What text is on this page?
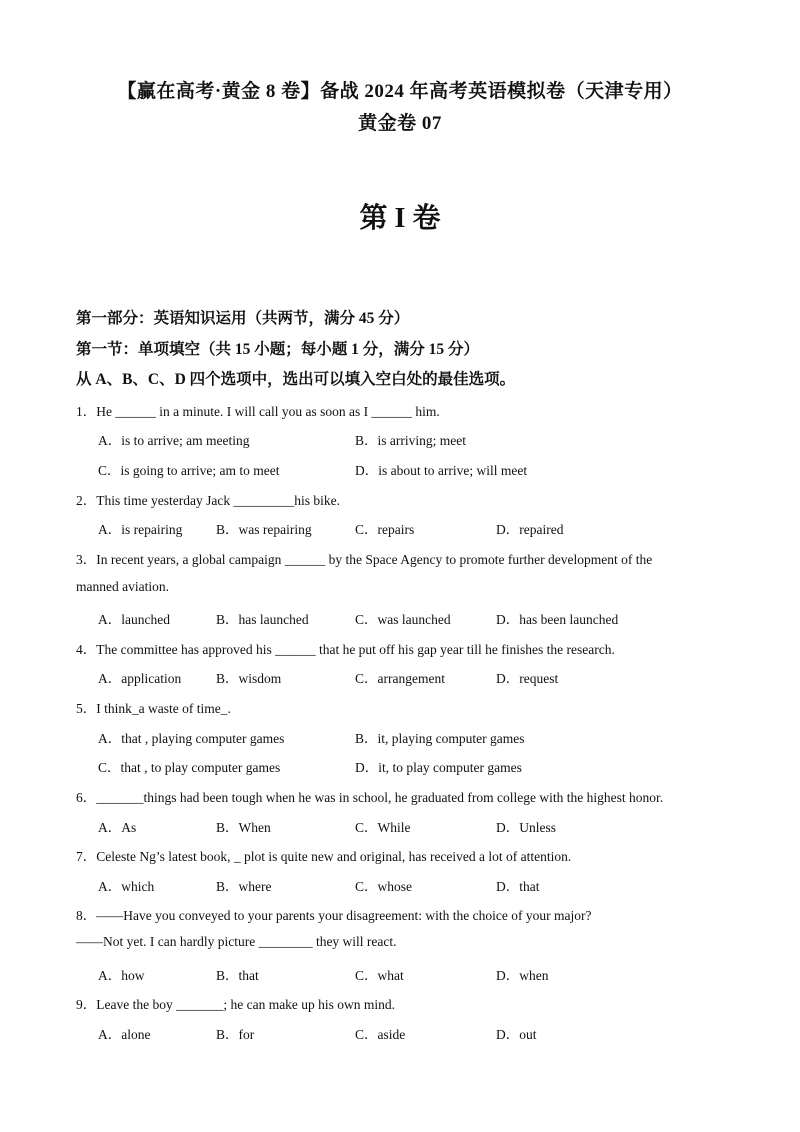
【赢在高考·黄金 8 卷】备战 2024 年高考英语模拟卷（天津专用）
黄金卷 07
第 I 卷
第一部分：英语知识运用（共两节，满分 45 分）
第一节：单项填空（共 15 小题；每小题 1 分，满分 15 分）
从 A、B、C、D 四个选项中，选出可以填入空白处的最佳选项。
1．He ______ in a minute. I will call you as soon as I ______ him.
A．is to arrive; am meeting	B．is arriving; meet
C．is going to arrive; am to meet	D．is about to arrive; will meet
2．This time yesterday Jack _________his bike.
A．is repairing B．was repairing	C．repairs	D．repaired
3．In recent years, a global campaign ______ by the Space Agency to promote further development of the
manned aviation.
A．launched	B．has launched	C．was launched	D．has been launched
4．The committee has approved his ______ that he put off his gap year till he finishes the research.
A．application	B．wisdom	C．arrangement	D．request
5．I think_a waste of time_.
A．that , playing computer games	B．it, playing computer games
C．that , to play computer games	D．it, to play computer games
6．_______things had been tough when he was in school, he graduated from college with the highest honor.
A．As	B．When	C．While	D．Unless
7．Celeste Ng’s latest book, _ plot is quite new and original, has received a lot of attention.
A．which	B．where	C．whose	D．that
8．——Have you conveyed to your parents your disagreement: with the choice of your major?
——Not yet. I can hardly picture ________ they will react.
A．how	B．that	C．what	D．when
9．Leave the boy _______; he can make up his own mind.
A．alone	B．for	C．aside	D．out
